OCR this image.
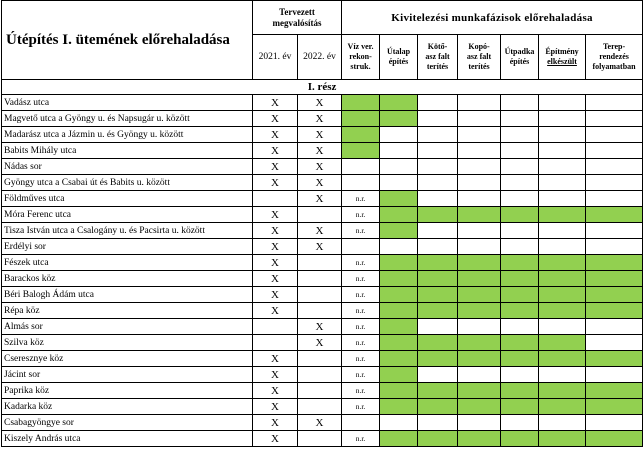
Útépítés I. ütemének előrehaladása	Tervezett megvalósítás		Kivitelezési munkafázisok előrehaladása						
	2021. év	2022. év	Víz ver.
rekon-
struk.	Útalap
építés	Kötő-
asz falt
terítés	Kopó-
asz falt
terítés	Útpadka
építés	Építmény
elkészült	Terep-
rendezés
folyamatban
I. rész									
Vadász utca	X	X							
Magvető utca a Gyöngy u. és Napsugár u. között	X	X							
Madarász utca a Jázmin u. és Gyöngy u. között	X	X							
Babits Mihály utca	X	X							
Nádas sor	X	X							
Gyöngy utca a Csabai út és Babits u. között	X	X							
Földműves utca		X	n.r.						
Móra Ferenc utca	X		n.r.						
Tisza István utca a Csalogány u. és Pacsirta u. között	X	X	n.r.						
Erdélyi sor	X	X							
Fészek utca	X		n.r.						
Barackos köz	X		n.r.						
Béri Balogh Ádám utca	X		n.r.						
Répa köz	X		n.r.						
Almás sor		X	n.r.						
Szilva köz		X	n.r.						
Cseresznye köz	X		n.r.						
Jácint sor	X		n.r.						
Paprika köz	X		n.r.						
Kadarka köz	X		n.r.						
Csabagyöngye sor	X	X							
Kiszely András utca	X		n.r.						
